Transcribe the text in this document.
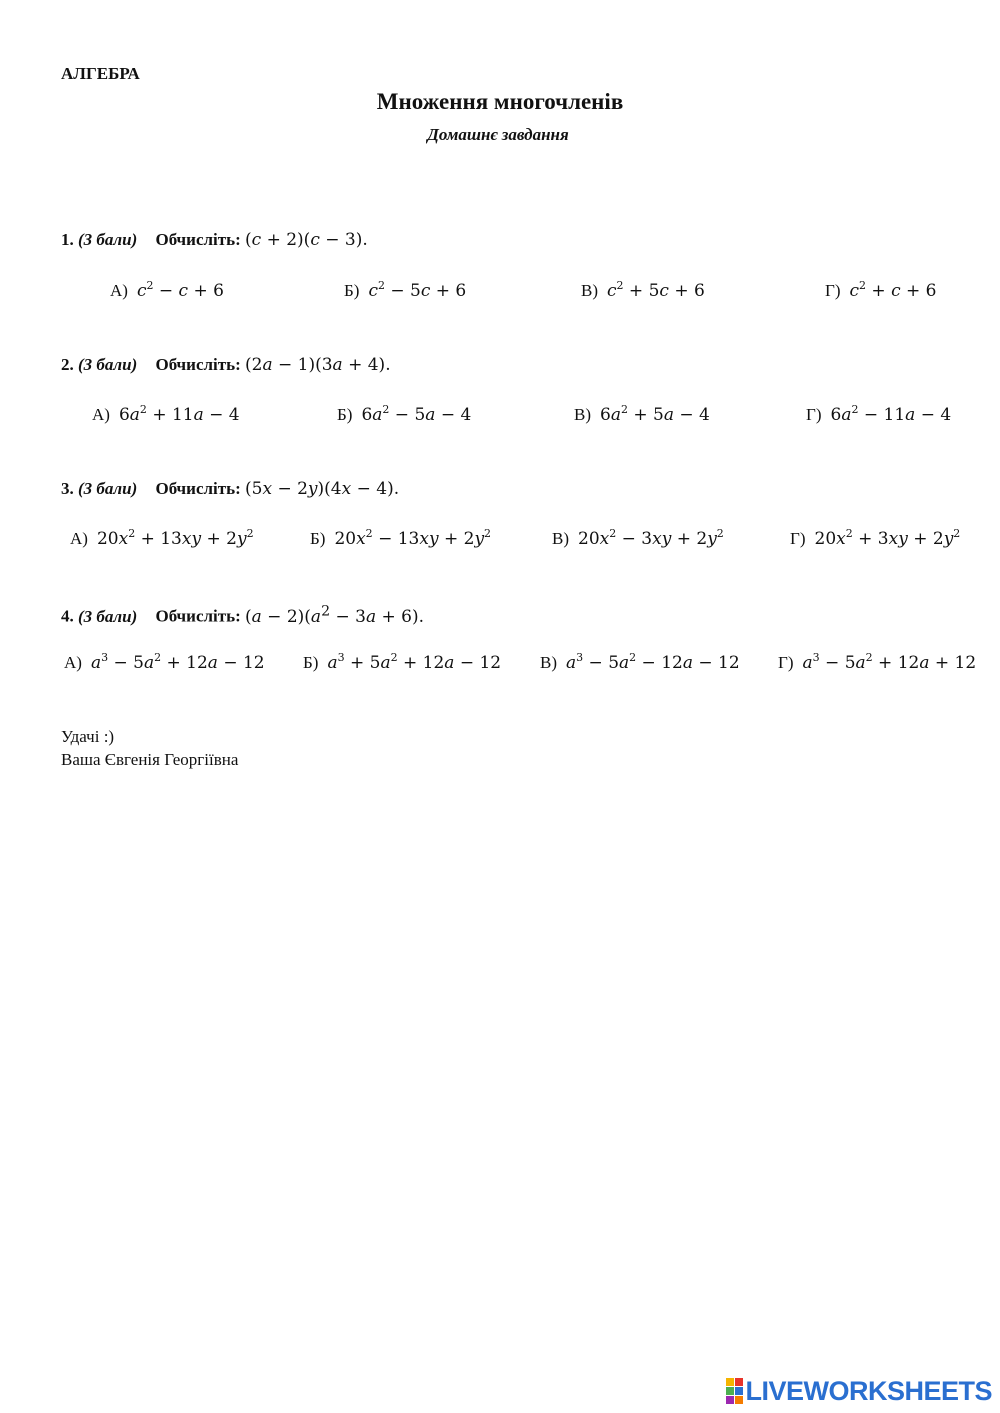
АЛГЕБРА
Множення многочленів
Домашнє завдання
1. (3 бали) Обчисліть: (c + 2)(c − 3).
А) $c^2 - c + 6$	Б) $c^2 - 5c + 6$	В) $c^2 + 5c + 6$	Г) $c^2 + c + 6$
2. (3 бали) Обчисліть: (2a − 1)(3a + 4).
А) $6a^2 + 11a - 4$	Б) $6a^2 - 5a - 4$	В) $6a^2 + 5a - 4$	Г) $6a^2 - 11a - 4$
3. (3 бали) Обчисліть: (5x − 2y)(4x − 4).
А) $20x^2 + 13xy + 2y^2$	Б) $20x^2 - 13xy + 2y^2$	В) $20x^2 - 3xy + 2y^2$	Г) $20x^2 + 3xy + 2y^2$
4. (3 бали) Обчисліть: $(a - 2)(a^2 - 3a + 6)$.
А) $a^3 - 5a^2 + 12a - 12$ Б) $a^3 + 5a^2 + 12a - 12$ В) $a^3 - 5a^2 - 12a - 12$ Г) $a^3 - 5a^2 + 12a + 12$
Удачі :)
Ваша Євгенія Георгіївна
LIVEWORKSHEETS
